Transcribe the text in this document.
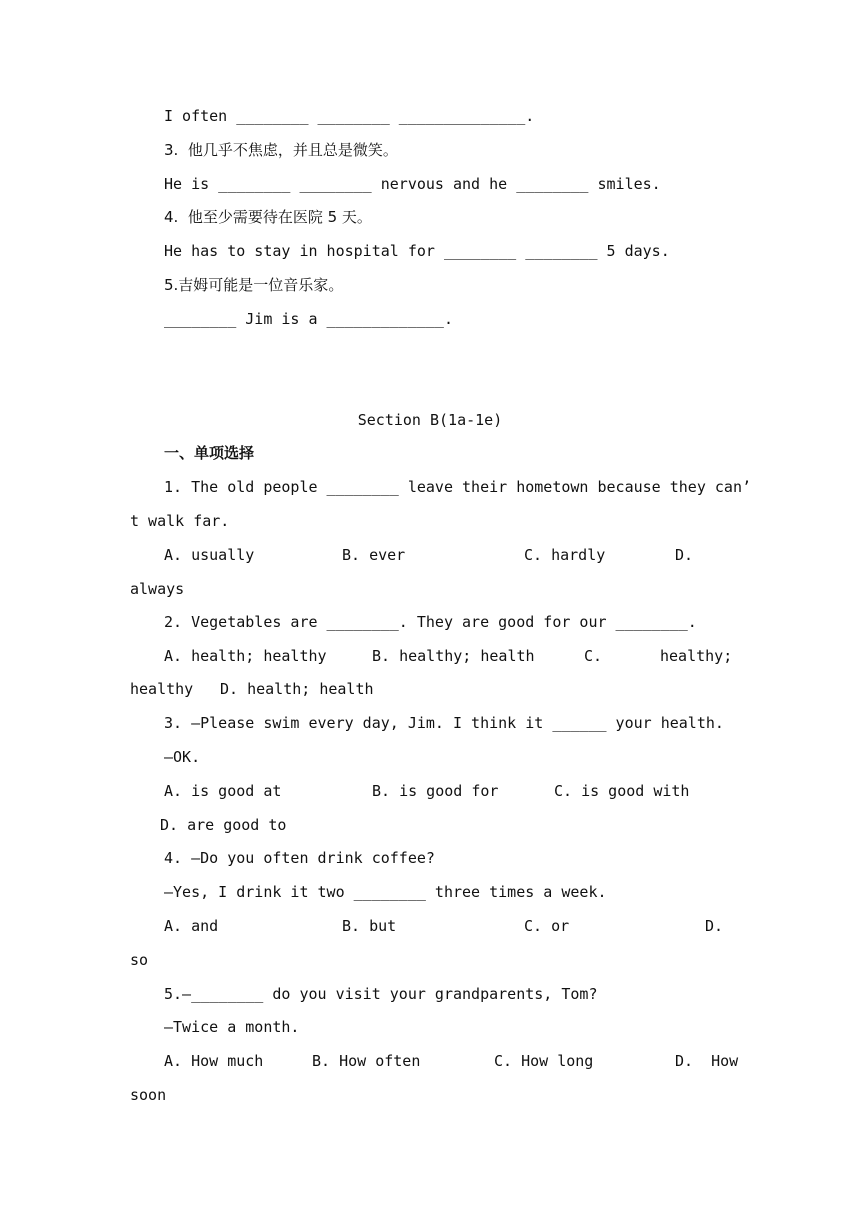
I often ________ ________ ______________.
3.  他几乎不焦虑，并且总是微笑。
He is ________ ________ nervous and he ________ smiles.
4.  他至少需要待在医院 5 天。
He has to stay in hospital for ________ ________ 5 days.
5.吉姆可能是一位音乐家。
________ Jim is a _____________.
Section B(1a-1e)
一、单项选择
1. The old people ________ leave their hometown because they can’
t walk far.
A. usually	B. ever	C. hardly	D.
always
2. Vegetables are ________. They are good for our ________.
A. health; healthy	B. healthy; health	C.	healthy;
healthy D. health; health
3. —Please swim every day, Jim. I think it ______ your health.
—OK.
A. is good at	B. is good for	C. is good with
D. are good to
4. —Do you often drink coffee?
—Yes, I drink it two ________ three times a week.
A. and	B. but	C. or	D.
so
5.—________ do you visit your grandparents, Tom?
—Twice a month.
A. How much	B. How often	C. How long	D.  How
soon
